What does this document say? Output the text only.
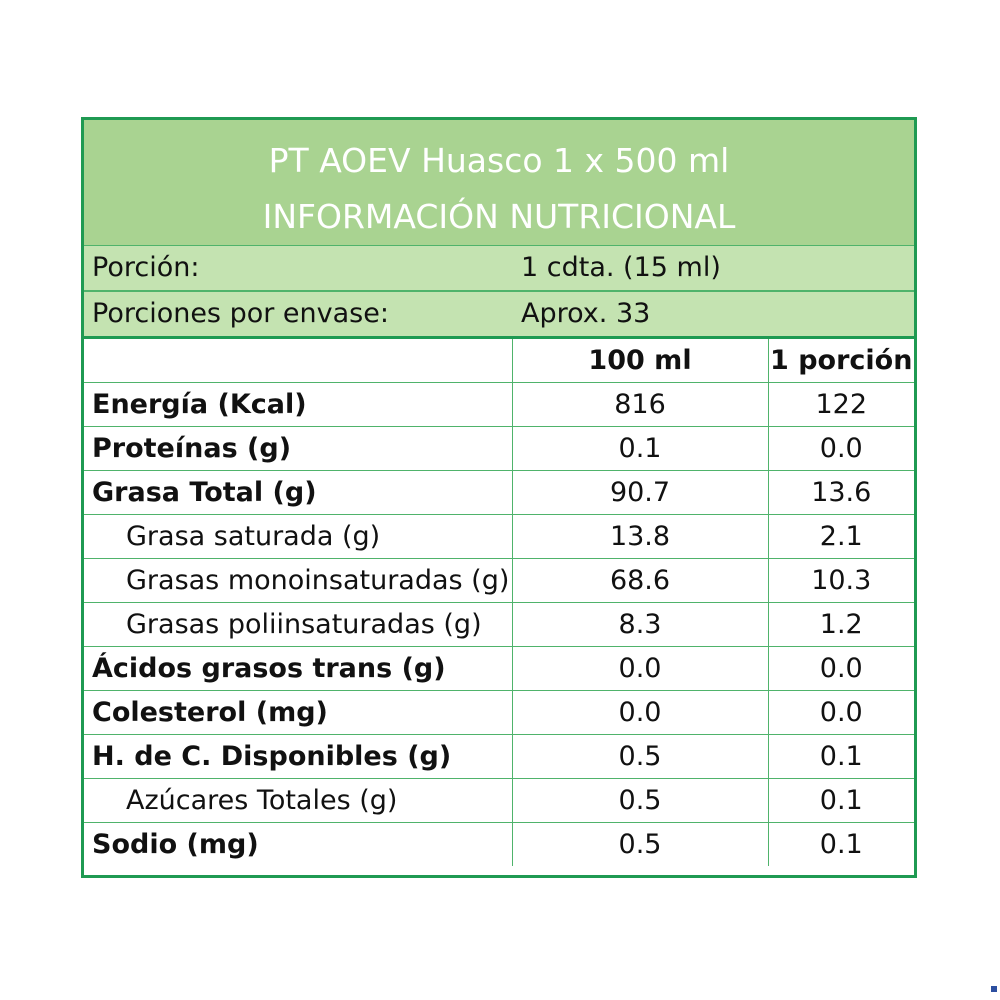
PT AOEV Huasco 1 x 500 ml
INFORMACIÓN NUTRICIONAL
Porción:	1 cdta. (15 ml)
Porciones por envase:	Aprox. 33
	100 ml	1 porción
Energía (Kcal)	816	122
Proteínas (g)	0.1	0.0
Grasa Total (g)	90.7	13.6
Grasa saturada (g)	13.8	2.1
Grasas monoinsaturadas (g)	68.6	10.3
Grasas poliinsaturadas (g)	8.3	1.2
Ácidos grasos trans (g)	0.0	0.0
Colesterol (mg)	0.0	0.0
H. de C. Disponibles (g)	0.5	0.1
Azúcares Totales (g)	0.5	0.1
Sodio (mg)	0.5	0.1
